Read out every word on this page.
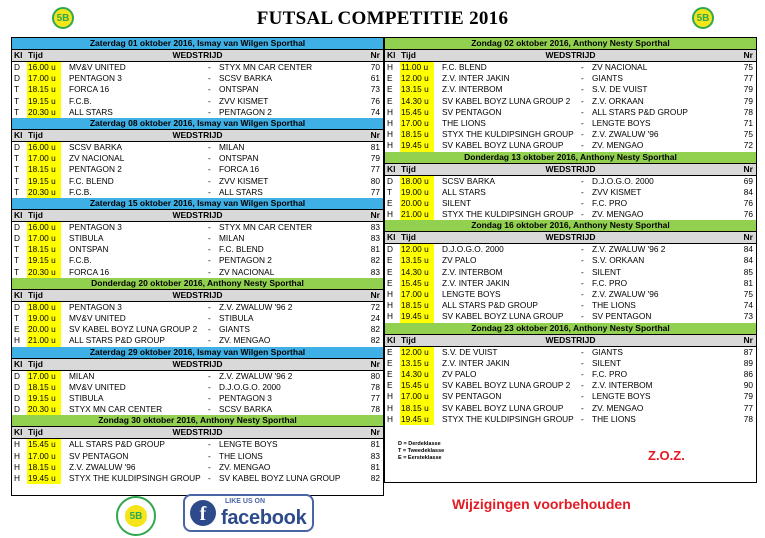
5B	FUTSAL COMPETITIE 2016	5B
Zaterdag 01 oktober 2016, Ismay van Wilgen Sporthal
WEDSTRIJD
Kl Tijd	Nr
D 16.00 u	MV&V UNITED	- STYX MN CAR CENTER	70
D 17.00 u	PENTAGON 3	- SCSV BARKA	61
T 18.15 u	FORCA 16	- ONTSPAN	73
T 19.15 u	F.C.B.	- ZVV KISMET	76
T 20.30 u	ALL STARS	- PENTAGON 2	74
Zaterdag 08 oktober 2016, Ismay van Wilgen Sporthal
WEDSTRIJD
Kl Tijd	Nr
D 16.00 u	SCSV BARKA	- MILAN	81
T 17.00 u	ZV NACIONAL	- ONTSPAN	79
T 18.15 u	PENTAGON 2	- FORCA 16	77
T 19.15 u	F.C. BLEND	- ZVV KISMET	80
T 20.30 u	F.C.B.	- ALL STARS	77
Zaterdag 15 oktober 2016, Ismay van Wilgen Sporthal
WEDSTRIJD
Kl Tijd	Nr
D 16.00 u	PENTAGON 3	- STYX MN CAR CENTER	83
D 17.00 u	STIBULA	- MILAN	83
T 18.15 u	ONTSPAN	- F.C. BLEND	81
T 19.15 u	F.C.B.	- PENTAGON 2	82
T 20.30 u	FORCA 16	- ZV NACIONAL	83
Donderdag 20 oktober 2016, Anthony Nesty Sporthal
WEDSTRIJD
Kl Tijd	Nr
D 18.00 u	PENTAGON 3	- Z.V. ZWALUW '96 2	72
T 19.00 u	MV&V UNITED	- STIBULA	24
E 20.00 u	SV KABEL BOYZ LUNA GROUP 2 - GIANTS	82
H 21.00 u	ALL STARS P&D GROUP	- ZV. MENGAO	82
Zaterdag 29 oktober 2016, Ismay van Wilgen Sporthal
WEDSTRIJD
Kl Tijd	Nr
D 17.00 u	MILAN	- Z.V. ZWALUW '96 2	80
D 18.15 u	MV&V UNITED	- D.J.O.G.O. 2000	78
D 19.15 u	STIBULA	- PENTAGON 3	77
D 20.30 u	STYX MN CAR CENTER	- SCSV BARKA	78
Zondag 30 oktober 2016, Anthony Nesty Sporthal
WEDSTRIJD
Kl Tijd	Nr
H 15.45 u	ALL STARS P&D GROUP	- LENGTE BOYS	81
H 17.00 u	SV PENTAGON	- THE LIONS	83
H 18.15 u	Z.V. ZWALUW '96	- ZV. MENGAO	81
H 19.45 u	STYX THE KULDIPSINGH GROUP - SV KABEL BOYZ LUNA GROUP	82
Zondag 02 oktober 2016, Anthony Nesty Sporthal
WEDSTRIJD
Kl Tijd	Nr
H 11.00 u	F.C. BLEND	- ZV NACIONAL	75
E 12.00 u	Z.V. INTER JAKIN	- GIANTS	77
E 13.15 u	Z.V. INTERBOM	- S.V. DE VUIST	79
E 14.30 u	SV KABEL BOYZ LUNA GROUP 2 - Z.V. ORKAAN	79
H 15.45 u	SV PENTAGON	- ALL STARS P&D GROUP	78
H 17.00 u	THE LIONS	- LENGTE BOYS	71
H 18.15 u	STYX THE KULDIPSINGH GROUP - Z.V. ZWALUW '96	75
H 19.45 u	SV KABEL BOYZ LUNA GROUP - ZV. MENGAO	72
Donderdag 13 oktober 2016, Anthony Nesty Sporthal
WEDSTRIJD
Kl Tijd	Nr
D 18.00 u	SCSV BARKA	- D.J.O.G.O. 2000	69
T 19.00 u	ALL STARS	- ZVV KISMET	84
E 20.00 u	SILENT	- F.C. PRO	76
H 21.00 u	STYX THE KULDIPSINGH GROUP - ZV. MENGAO	76
Zondag 16 oktober 2016, Anthony Nesty Sporthal
WEDSTRIJD
Kl Tijd	Nr
D 12.00 u	D.J.O.G.O. 2000	- Z.V. ZWALUW '96 2	84
E 13.15 u	ZV PALO	- S.V. ORKAAN	84
E 14.30 u	Z.V. INTERBOM	- SILENT	85
E 15.45 u	Z.V. INTER JAKIN	- F.C. PRO	81
H 17.00 u	LENGTE BOYS	- Z.V. ZWALUW '96	75
H 18.15 u	ALL STARS P&D GROUP	- THE LIONS	74
H 19.45 u	SV KABEL BOYZ LUNA GROUP - SV PENTAGON	73
Zondag 23 oktober 2016, Anthony Nesty Sporthal
WEDSTRIJD
Kl Tijd	Nr
E 12.00 u	S.V. DE VUIST	- GIANTS	87
E 13.15 u	Z.V. INTER JAKIN	- SILENT	89
E 14.30 u	ZV PALO	- F.C. PRO	86
E 15.45 u	SV KABEL BOYZ LUNA GROUP 2 - Z.V. INTERBOM	90
H 17.00 u	SV PENTAGON	- LENGTE BOYS	79
H 18.15 u	SV KABEL BOYZ LUNA GROUP - ZV. MENGAO	77
H 19.45 u	STYX THE KULDIPSINGH GROUP - THE LIONS	78
D = Derdeklasse
T = Tweedeklasse
E = Eersteklasse	Z.O.Z.
5B	f
LIKE US ON
facebook
Wijzigingen voorbehouden
